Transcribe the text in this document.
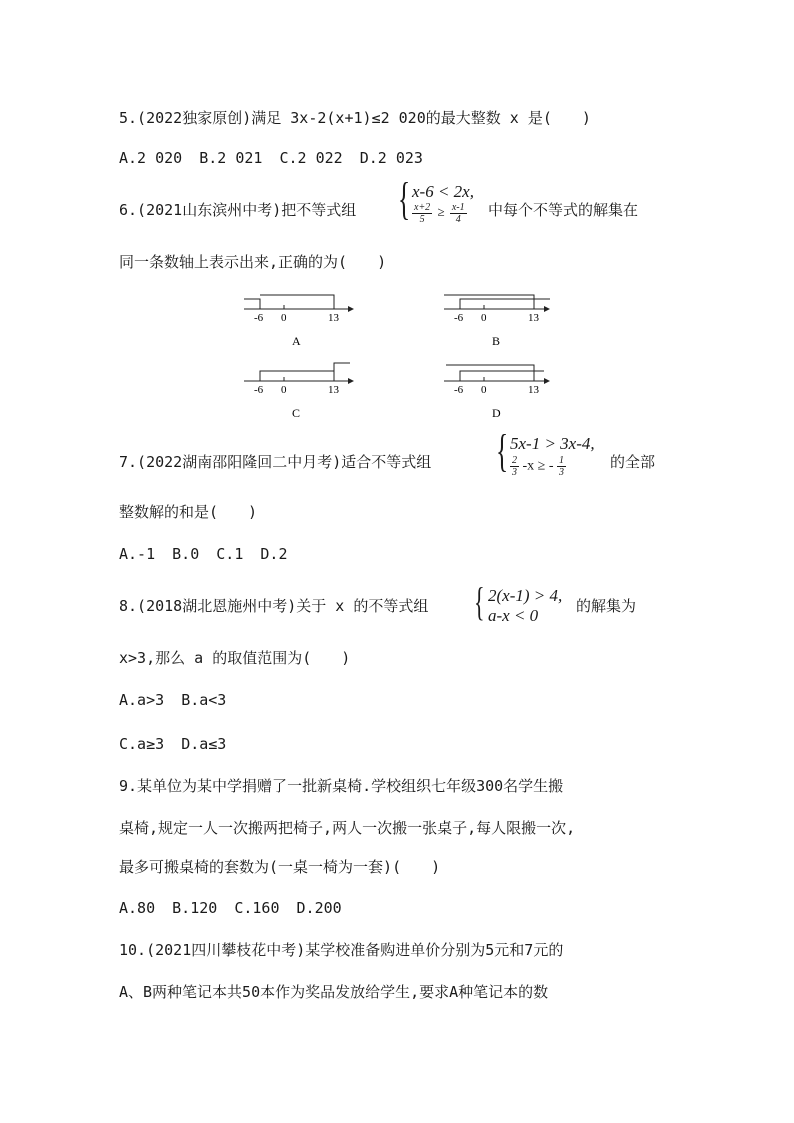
5.(2022独家原创)满足 3x-2(x+1)≤2 020的最大整数 x 是(　　)
A.2 020 B.2 021 C.2 022 D.2 023
6.(2021山东滨州中考)把不等式组 { x-6 < 2x,
$\frac{x+2}{5} \ge \frac{x-1}{4}$ 中每个不等式的解集在
同一条数轴上表示出来,正确的为(　　)
-6 0	13
A
-6 0	13
B
-6 0	13
C
-6 0	13
D
7.(2022湖南邵阳隆回二中月考)适合不等式组 { 5x-1 > 3x-4,
$\frac{2}{3} -x$ ≥ - $\frac{1}{3}$	的全部
整数解的和是(　　)
A.-1 B.0 C.1 D.2
8.(2018湖北恩施州中考)关于 x 的不等式组 { 2(x-1) > 4,
a-x < 0	的解集为
x>3,那么 a 的取值范围为(　　)
A.a>3 B.a<3
C.a≥3 D.a≤3
9.某单位为某中学捐赠了一批新桌椅.学校组织七年级300名学生搬
桌椅,规定一人一次搬两把椅子,两人一次搬一张桌子,每人限搬一次,
最多可搬桌椅的套数为(一桌一椅为一套)(　　)
A.80 B.120 C.160 D.200
10.(2021四川攀枝花中考)某学校准备购进单价分别为5元和7元的
A、B两种笔记本共50本作为奖品发放给学生,要求A种笔记本的数
